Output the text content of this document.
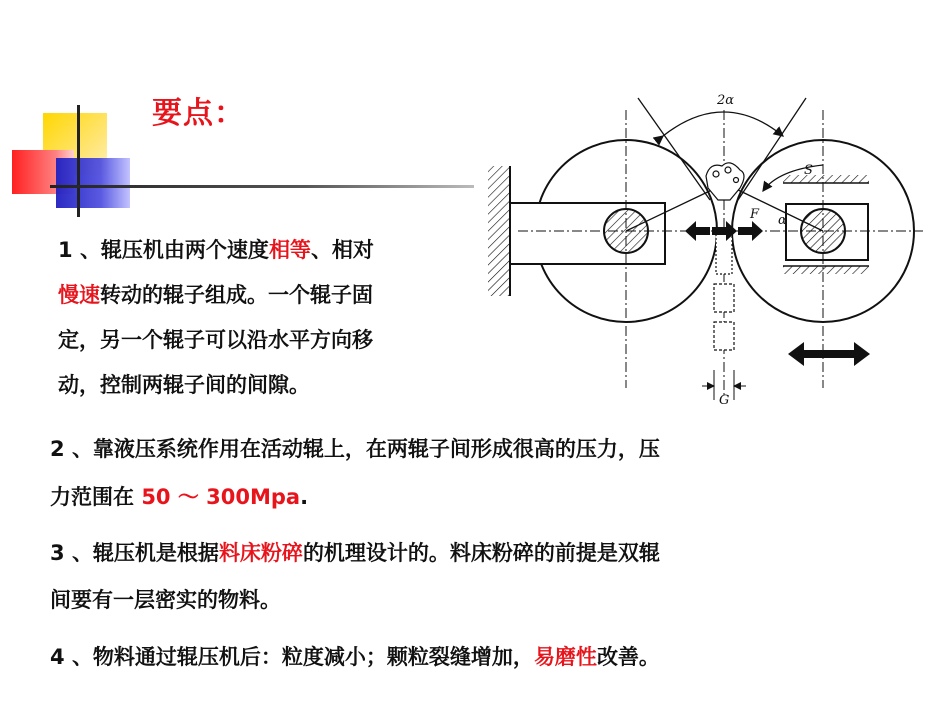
要点：
1 、辊压机由两个速度相等、相对
慢速转动的辊子组成。一个辊子固
定，另一个辊子可以沿水平方向移
动，控制两辊子间的间隙。
2 、靠液压系统作用在活动辊上，在两辊子间形成很高的压力，压
力范围在 50 ～ 300Mpa.
3 、辊压机是根据料床粉碎的机理设计的。料床粉碎的前提是双辊
间要有一层密实的物料。
4 、物料通过辊压机后：粒度减小；颗粒裂缝增加，易磨性改善。
2α
S
F α
G
